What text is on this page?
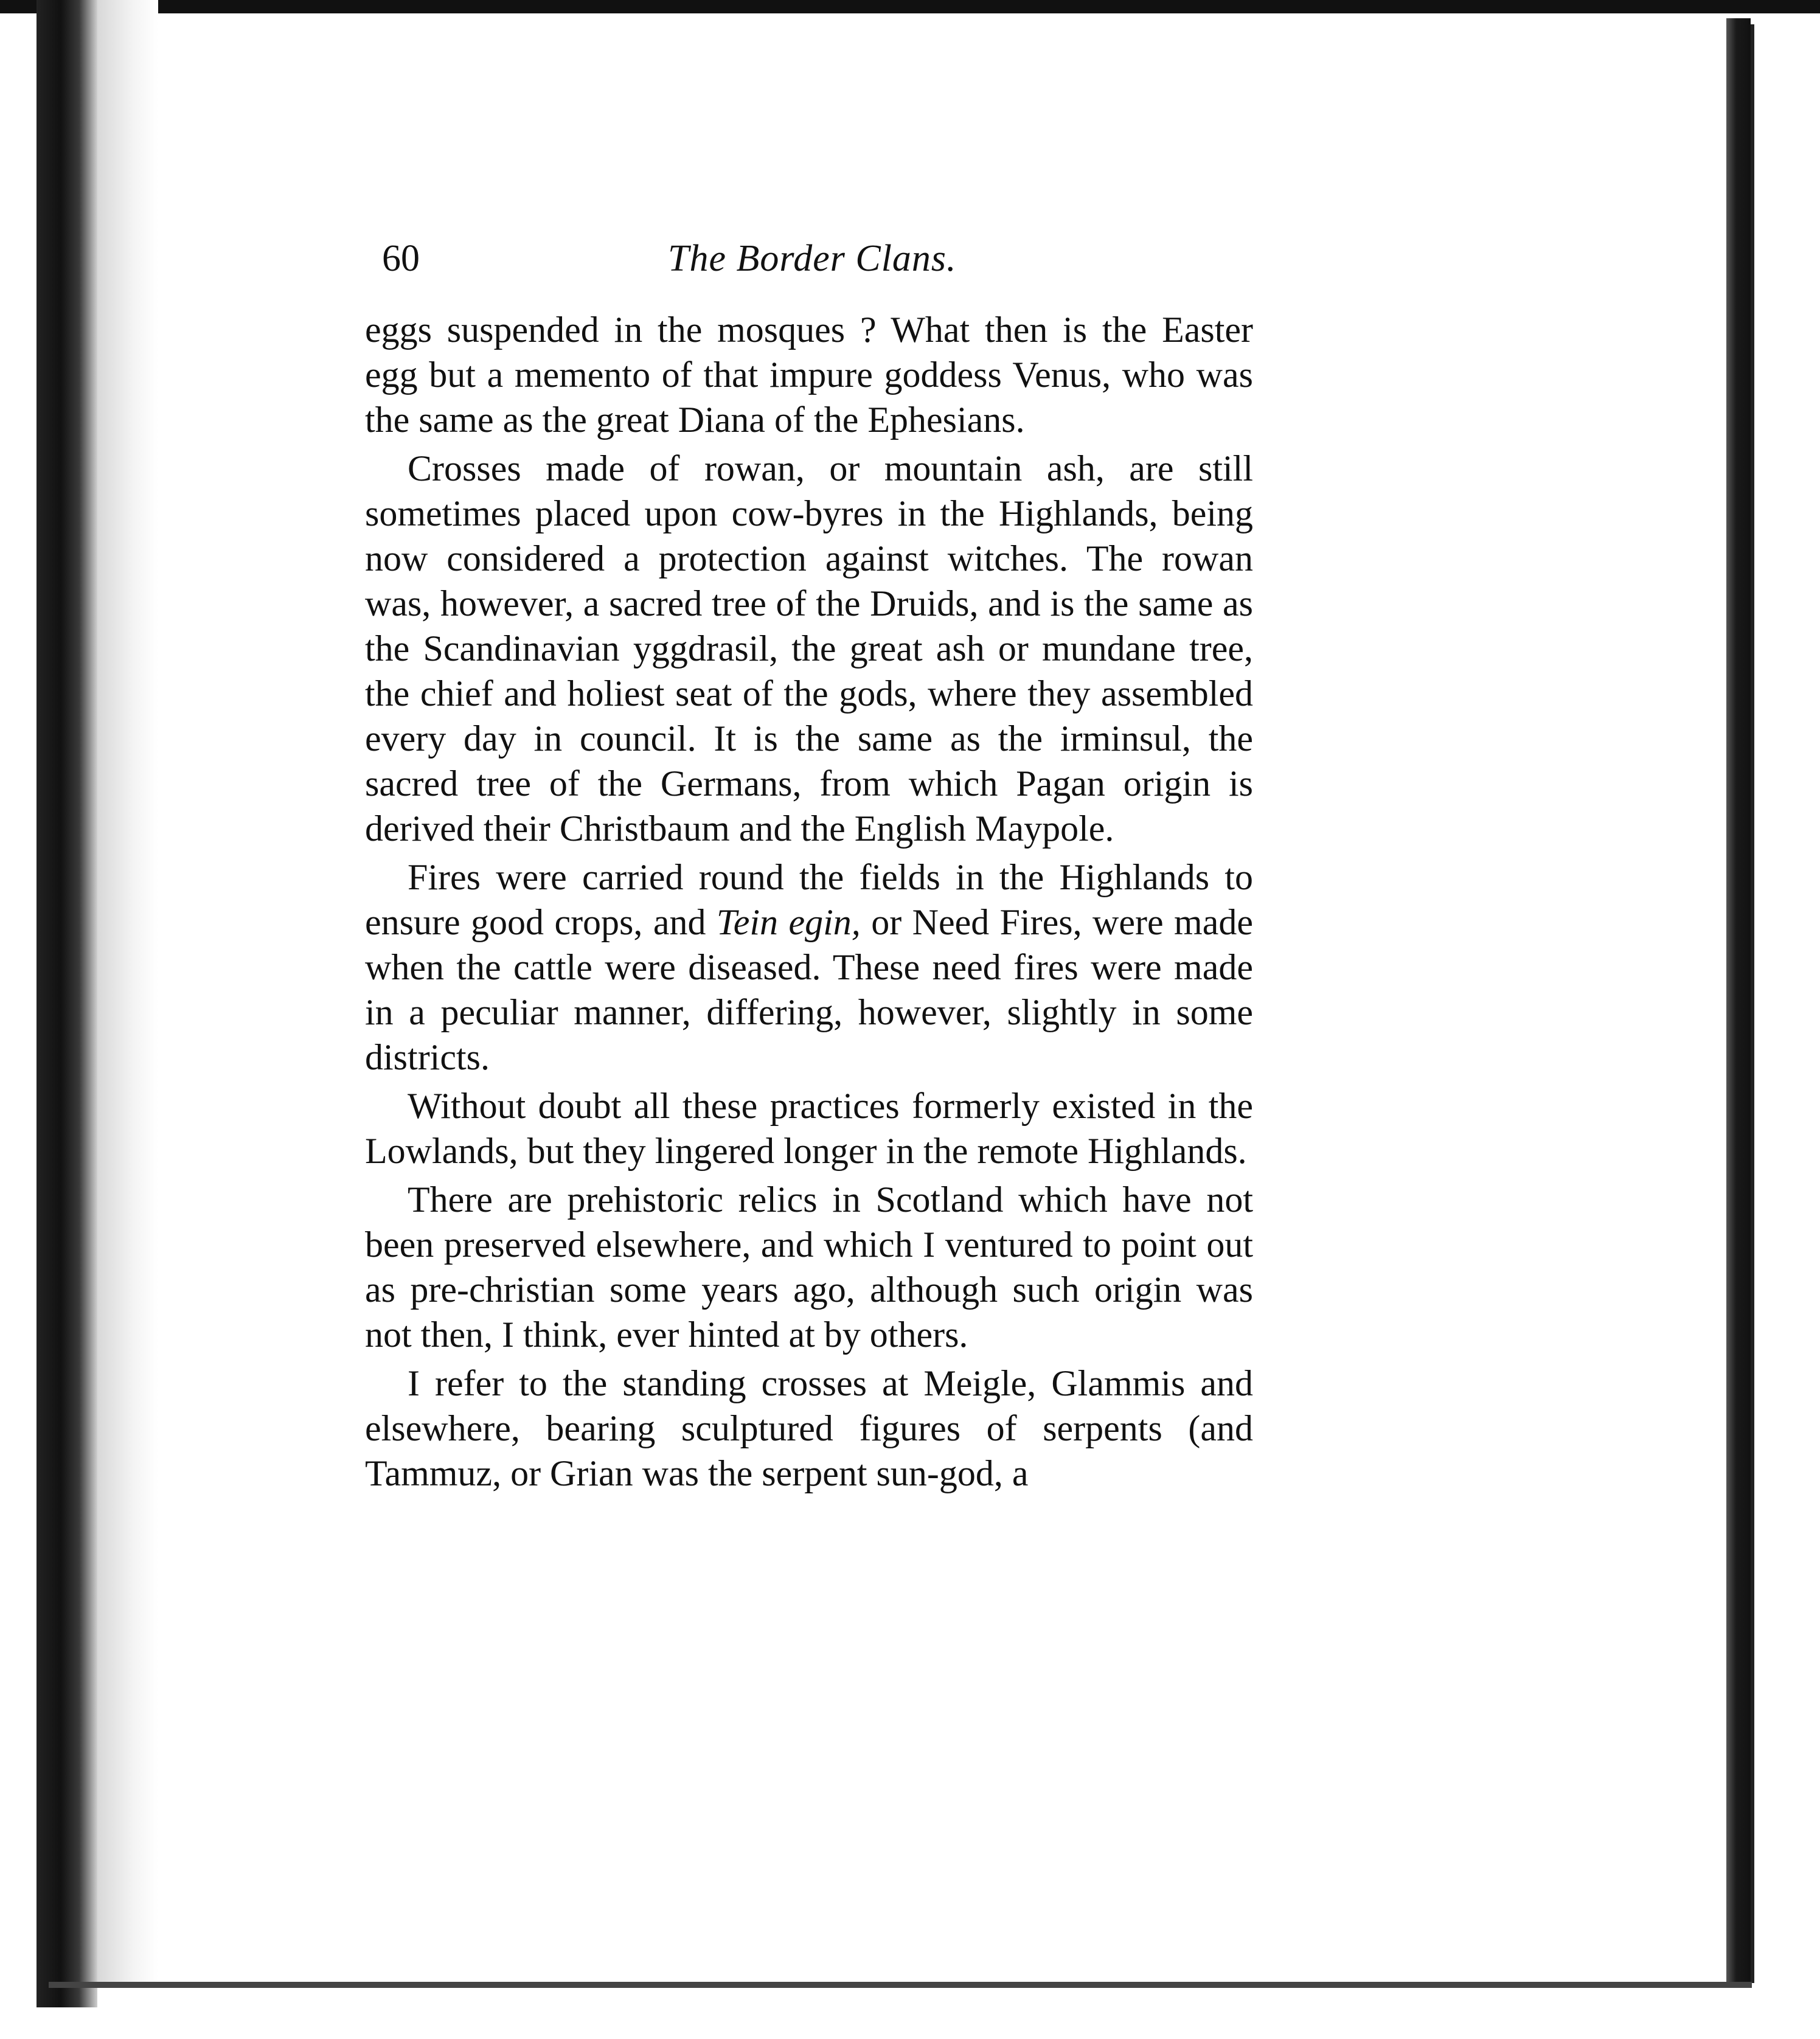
60	The Border Clans.

eggs suspended in the mosques ? What then is the Easter egg but a memento of that impure goddess Venus, who was the same as the great Diana of the Ephesians.

Crosses made of rowan, or mountain ash, are still sometimes placed upon cow-byres in the Highlands, being now considered a protection against witches. The rowan was, however, a sacred tree of the Druids, and is the same as the Scandinavian yggdrasil, the great ash or mundane tree, the chief and holiest seat of the gods, where they assembled every day in council. It is the same as the irminsul, the sacred tree of the Germans, from which Pagan origin is derived their Christbaum and the English Maypole.

Fires were carried round the fields in the Highlands to ensure good crops, and Tein egin, or Need Fires, were made when the cattle were diseased. These need fires were made in a peculiar manner, differing, however, slightly in some districts.

Without doubt all these practices formerly existed in the Lowlands, but they lingered longer in the remote Highlands.

There are prehistoric relics in Scotland which have not been preserved elsewhere, and which I ventured to point out as pre-christian some years ago, although such origin was not then, I think, ever hinted at by others.

I refer to the standing crosses at Meigle, Glammis and elsewhere, bearing sculptured figures of serpents (and Tammuz, or Grian was the serpent sun-god, a
